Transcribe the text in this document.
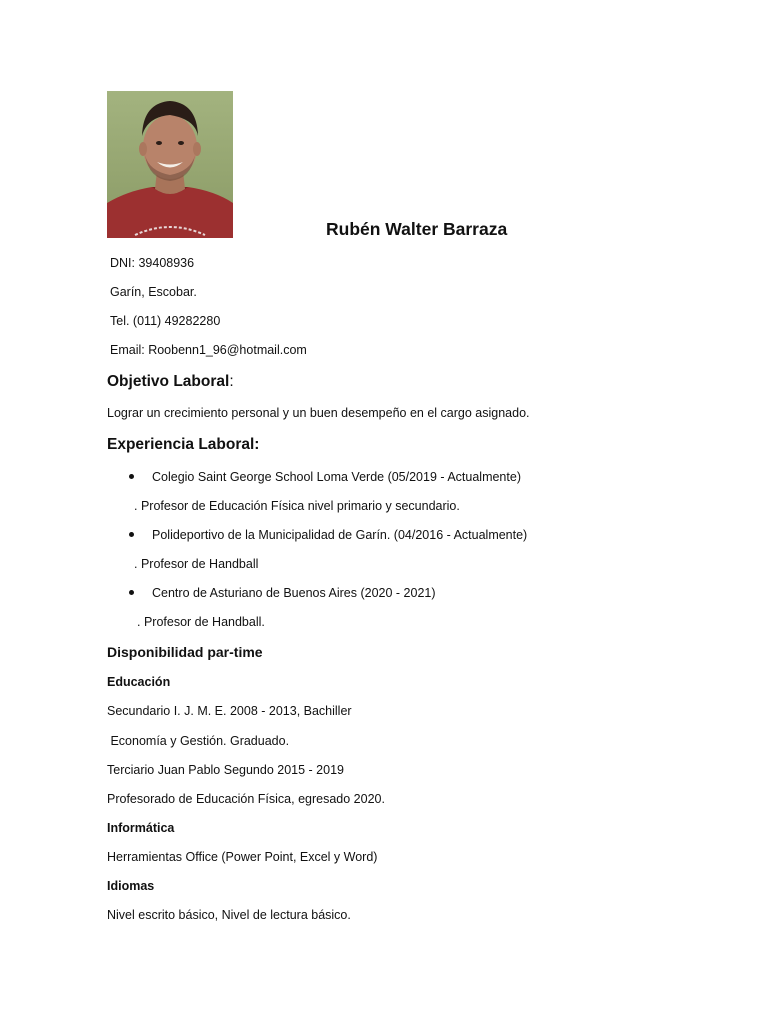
Rubén Walter Barraza
DNI: 39408936
Garín, Escobar.
Tel. (011) 49282280
Email: Roobenn1_96@hotmail.com
Objetivo Laboral:
Lograr un crecimiento personal y un buen desempeño en el cargo asignado.
Experiencia Laboral:
Colegio Saint George School Loma Verde (05/2019 - Actualmente)
. Profesor de Educación Física nivel primario y secundario.
Polideportivo de la Municipalidad de Garín. (04/2016 - Actualmente)
. Profesor de Handball
Centro de Asturiano de Buenos Aires (2020 - 2021)
. Profesor de Handball.
Disponibilidad par-time
Educación
Secundario I. J. M. E. 2008 - 2013, Bachiller
Economía y Gestión. Graduado.
Terciario Juan Pablo Segundo 2015 - 2019
Profesorado de Educación Física, egresado 2020.
Informática
Herramientas Office (Power Point, Excel y Word)
Idiomas
Nivel escrito básico, Nivel de lectura básico.
